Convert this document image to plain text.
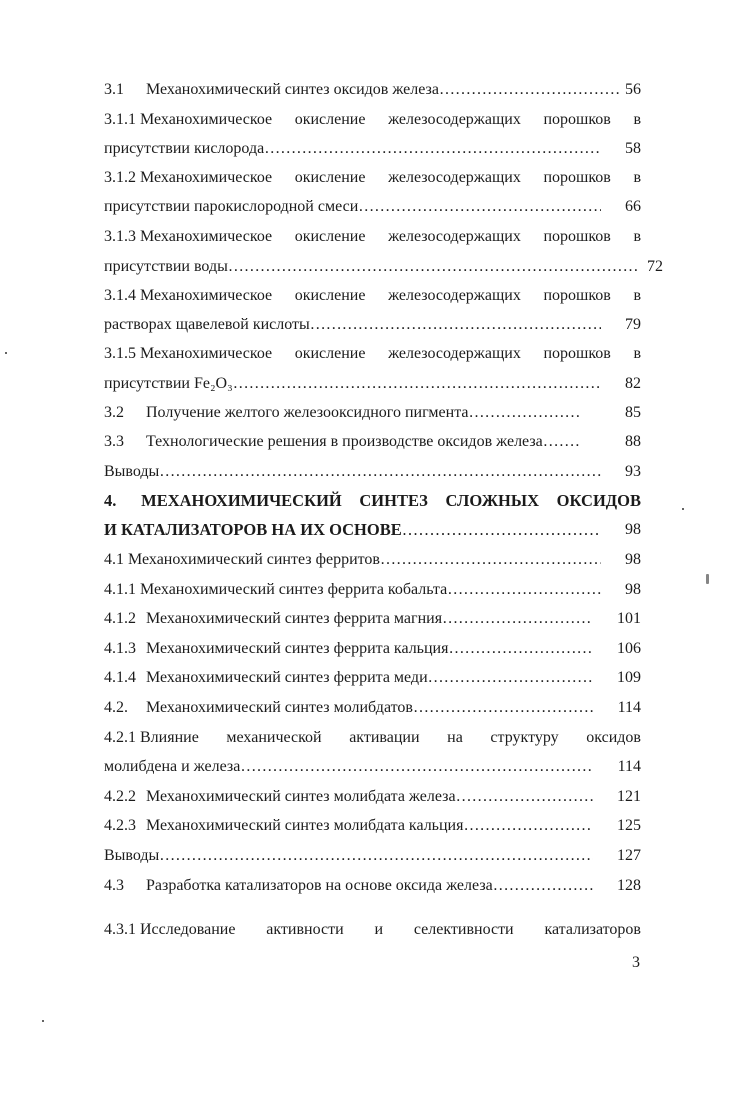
3.1 Механохимический синтез оксидов железа ………………………………………………………………………………………………………………	56
3.1.1 Механохимическое окисление железосодержащих порошков в
присутствии кислорода ………………………………………………………………………………………………………………	58
3.1.2 Механохимическое окисление железосодержащих порошков в
присутствии парокислородной смеси ………………………………………………………………………………………………………………	66
3.1.3 Механохимическое окисление железосодержащих порошков в
присутствии воды ………………………………………………………………………………………………………………	72
3.1.4 Механохимическое окисление железосодержащих порошков в
растворах щавелевой кислоты ………………………………………………………………………………………………………………	79
3.1.5 Механохимическое окисление железосодержащих порошков в
присутствии Fe₂O₃ ………………………………………………………………………………………………………………	82
3.2 Получение желтого железооксидного пигмента ………………………………………………………………………………………………………………	85
3.3 Технологические решения в производстве оксидов железа ………………………………………………………………………………………………………………	88
Выводы ………………………………………………………………………………………………………………	93
4. МЕХАНОХИМИЧЕСКИЙ СИНТЕЗ СЛОЖНЫХ ОКСИДОВ
И КАТАЛИЗАТОРОВ НА ИХ ОСНОВЕ ………………………………………………………………………………………………………………	98
4.1 Механохимический синтез ферритов ………………………………………………………………………………………………………………	98
4.1.1 Механохимический синтез феррита кобальта ………………………………………………………………………………………………………………	98
4.1.2 Механохимический синтез феррита магния ………………………………………………………………………………………………………………	101
4.1.3 Механохимический синтез феррита кальция ………………………………………………………………………………………………………………	106
4.1.4 Механохимический синтез феррита меди ………………………………………………………………………………………………………………	109
4.2. Механохимический синтез молибдатов ………………………………………………………………………………………………………………	114
4.2.1 Влияние механической активации на структуру оксидов
молибдена и железа ………………………………………………………………………………………………………………	114
4.2.2 Механохимический синтез молибдата железа ………………………………………………………………………………………………………………	121
4.2.3 Механохимический синтез молибдата кальция ………………………………………………………………………………………………………………	125
Выводы ………………………………………………………………………………………………………………	127
4.3 Разработка катализаторов на основе оксида железа ………………………………………………………………………………………………………………	128
4.3.1 Исследование активности и селективности катализаторов
3
